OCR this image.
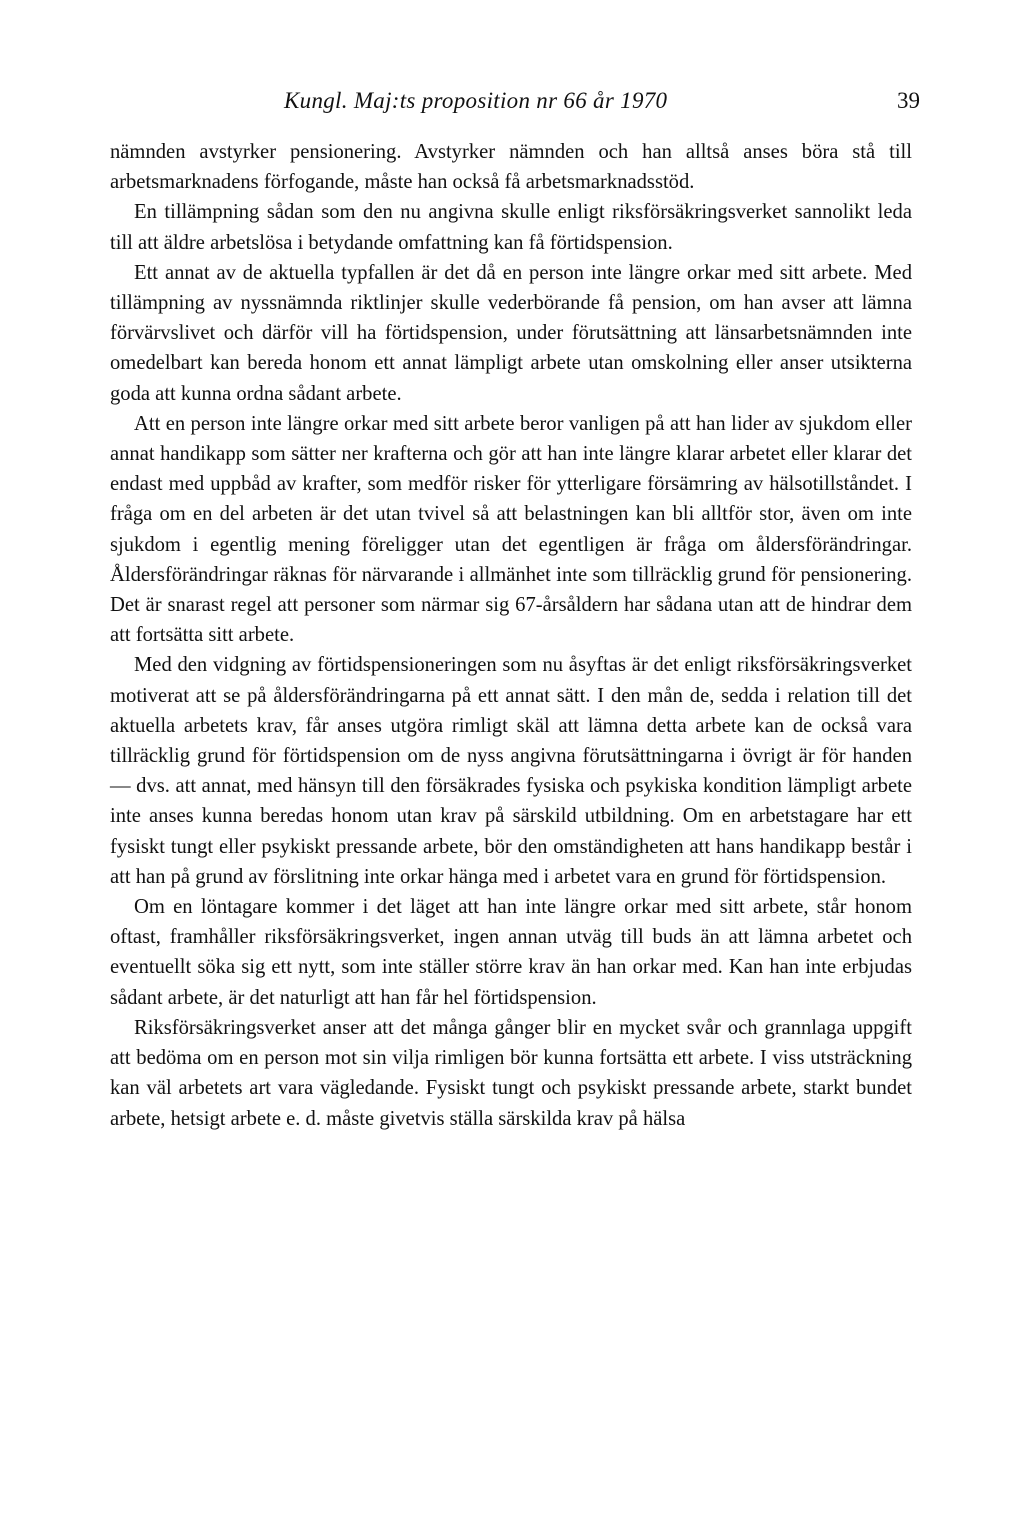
Kungl. Maj:ts proposition nr 66 år 1970	39

nämnden avstyrker pensionering. Avstyrker nämnden och han alltså anses böra stå till arbetsmarknadens förfogande, måste han också få arbetsmarknadsstöd.

En tillämpning sådan som den nu angivna skulle enligt riksförsäkringsverket sannolikt leda till att äldre arbetslösa i betydande omfattning kan få förtidspension.

Ett annat av de aktuella typfallen är det då en person inte längre orkar med sitt arbete. Med tillämpning av nyssnämnda riktlinjer skulle vederbörande få pension, om han avser att lämna förvärvslivet och därför vill ha förtidspension, under förutsättning att länsarbetsnämnden inte omedelbart kan bereda honom ett annat lämpligt arbete utan omskolning eller anser utsikterna goda att kunna ordna sådant arbete.

Att en person inte längre orkar med sitt arbete beror vanligen på att han lider av sjukdom eller annat handikapp som sätter ner krafterna och gör att han inte längre klarar arbetet eller klarar det endast med uppbåd av krafter, som medför risker för ytterligare försämring av hälsotillståndet. I fråga om en del arbeten är det utan tvivel så att belastningen kan bli alltför stor, även om inte sjukdom i egentlig mening föreligger utan det egentligen är fråga om åldersförändringar. Åldersförändringar räknas för närvarande i allmänhet inte som tillräcklig grund för pensionering. Det är snarast regel att personer som närmar sig 67-årsåldern har sådana utan att de hindrar dem att fortsätta sitt arbete.

Med den vidgning av förtidspensioneringen som nu åsyftas är det enligt riksförsäkringsverket motiverat att se på åldersförändringarna på ett annat sätt. I den mån de, sedda i relation till det aktuella arbetets krav, får anses utgöra rimligt skäl att lämna detta arbete kan de också vara tillräcklig grund för förtidspension om de nyss angivna förutsättningarna i övrigt är för handen — dvs. att annat, med hänsyn till den försäkrades fysiska och psykiska kondition lämpligt arbete inte anses kunna beredas honom utan krav på särskild utbildning. Om en arbetstagare har ett fysiskt tungt eller psykiskt pressande arbete, bör den omständigheten att hans handikapp består i att han på grund av förslitning inte orkar hänga med i arbetet vara en grund för förtidspension.

Om en löntagare kommer i det läget att han inte längre orkar med sitt arbete, står honom oftast, framhåller riksförsäkringsverket, ingen annan utväg till buds än att lämna arbetet och eventuellt söka sig ett nytt, som inte ställer större krav än han orkar med. Kan han inte erbjudas sådant arbete, är det naturligt att han får hel förtidspension.

Riksförsäkringsverket anser att det många gånger blir en mycket svår och grannlaga uppgift att bedöma om en person mot sin vilja rimligen bör kunna fortsätta ett arbete. I viss utsträckning kan väl arbetets art vara vägledande. Fysiskt tungt och psykiskt pressande arbete, starkt bundet arbete, hetsigt arbete e. d. måste givetvis ställa särskilda krav på hälsa
